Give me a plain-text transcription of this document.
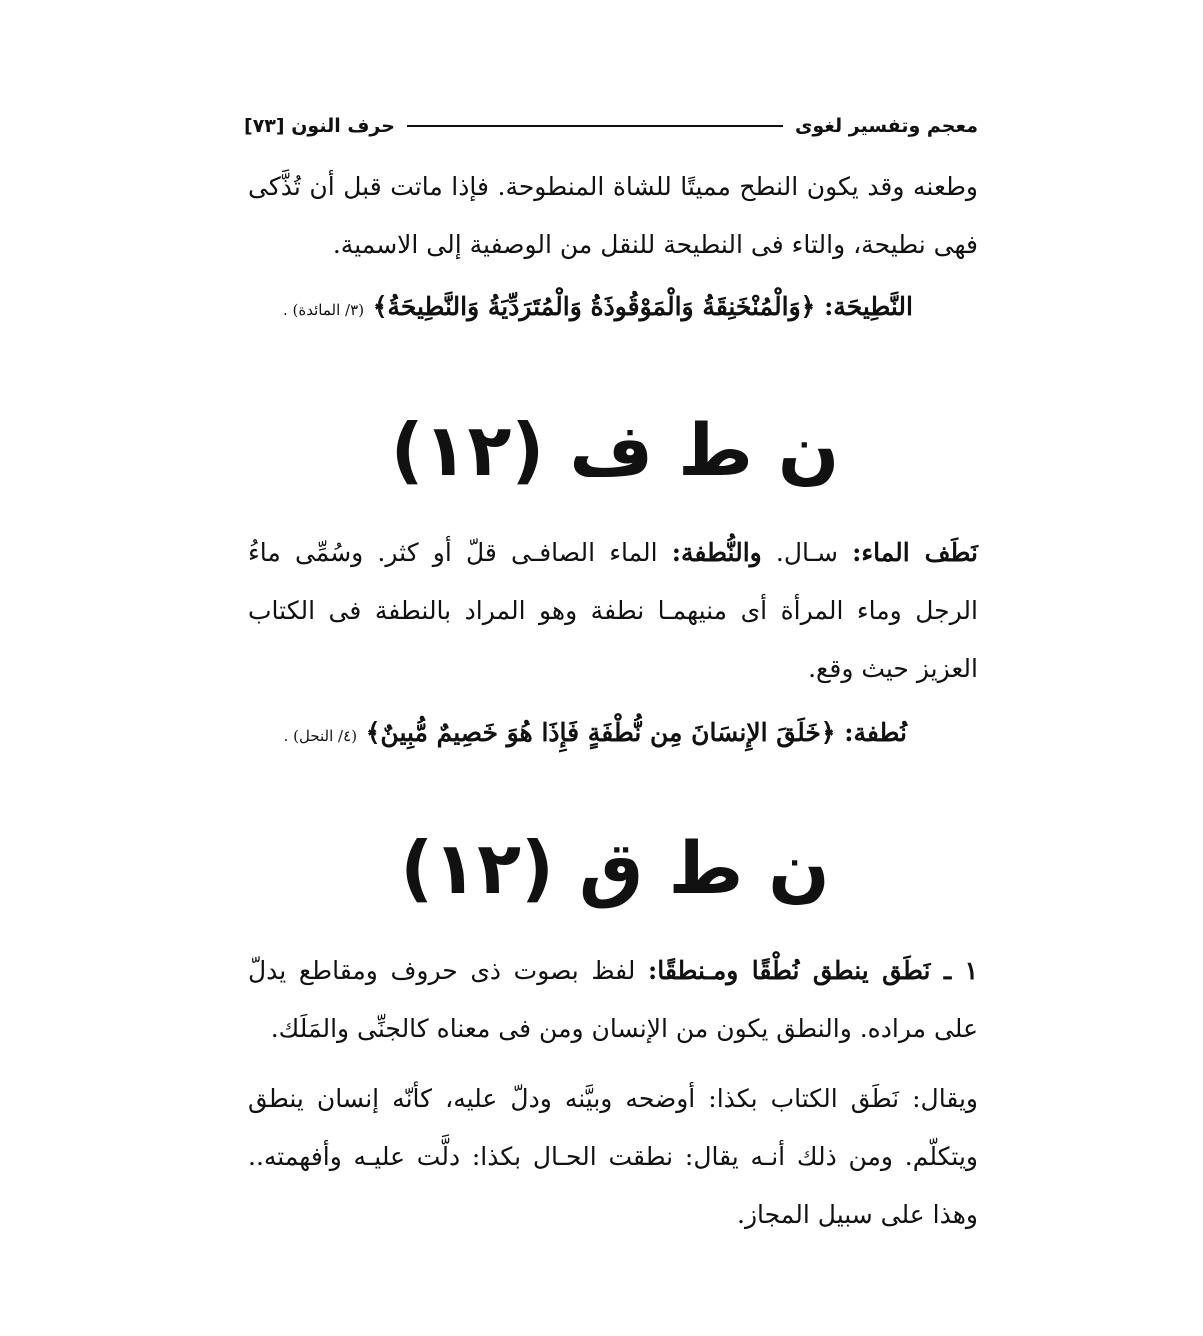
معجم وتفسير لغوى
حرف النون [٧٣]

وطعنه وقد يكون النطح مميتًا للشاة المنطوحة. فإذا ماتت قبل أن تُذَّكى فهى نطيحة، والتاء فى النطيحة للنقل من الوصفية إلى الاسمية.

النَّطِيحَة: ﴿وَالْمُنْخَنِقَةُ وَالْمَوْقُوذَةُ وَالْمُتَرَدِّيَةُ وَالنَّطِيحَةُ﴾ (٣/ المائدة) .
ن ط ف (١٢)

نَطَف الماء: سـال. والنُّطفة: الماء الصافـى قلّ أو كثر. وسُمِّى ماءُ الرجل وماء المرأة أى منيهمـا نطفة وهو المراد بالنطفة فى الكتاب العزيز حيث وقع.

نُطفة: ﴿خَلَقَ الإِنسَانَ مِن نُّطْفَةٍ فَإِذَا هُوَ خَصِيمٌ مُّبِينٌ﴾ (٤/ النحل) .
ن ط ق (١٢)

١ ـ نَطَق ينطق نُطْقًا ومـنطقًا: لفظ بصوت ذى حروف ومقاطع يدلّ على مراده. والنطق يكون من الإنسان ومن فى معناه كالجنِّى والمَلَك.

ويقال: نَطَق الكتاب بكذا: أوضحه وبيَّنه ودلّ عليه، كأنّه إنسان ينطق ويتكلّم. ومن ذلك أنـه يقال: نطقت الحـال بكذا: دلَّت عليـه وأفهمته.. وهذا على سبيل المجاز.
